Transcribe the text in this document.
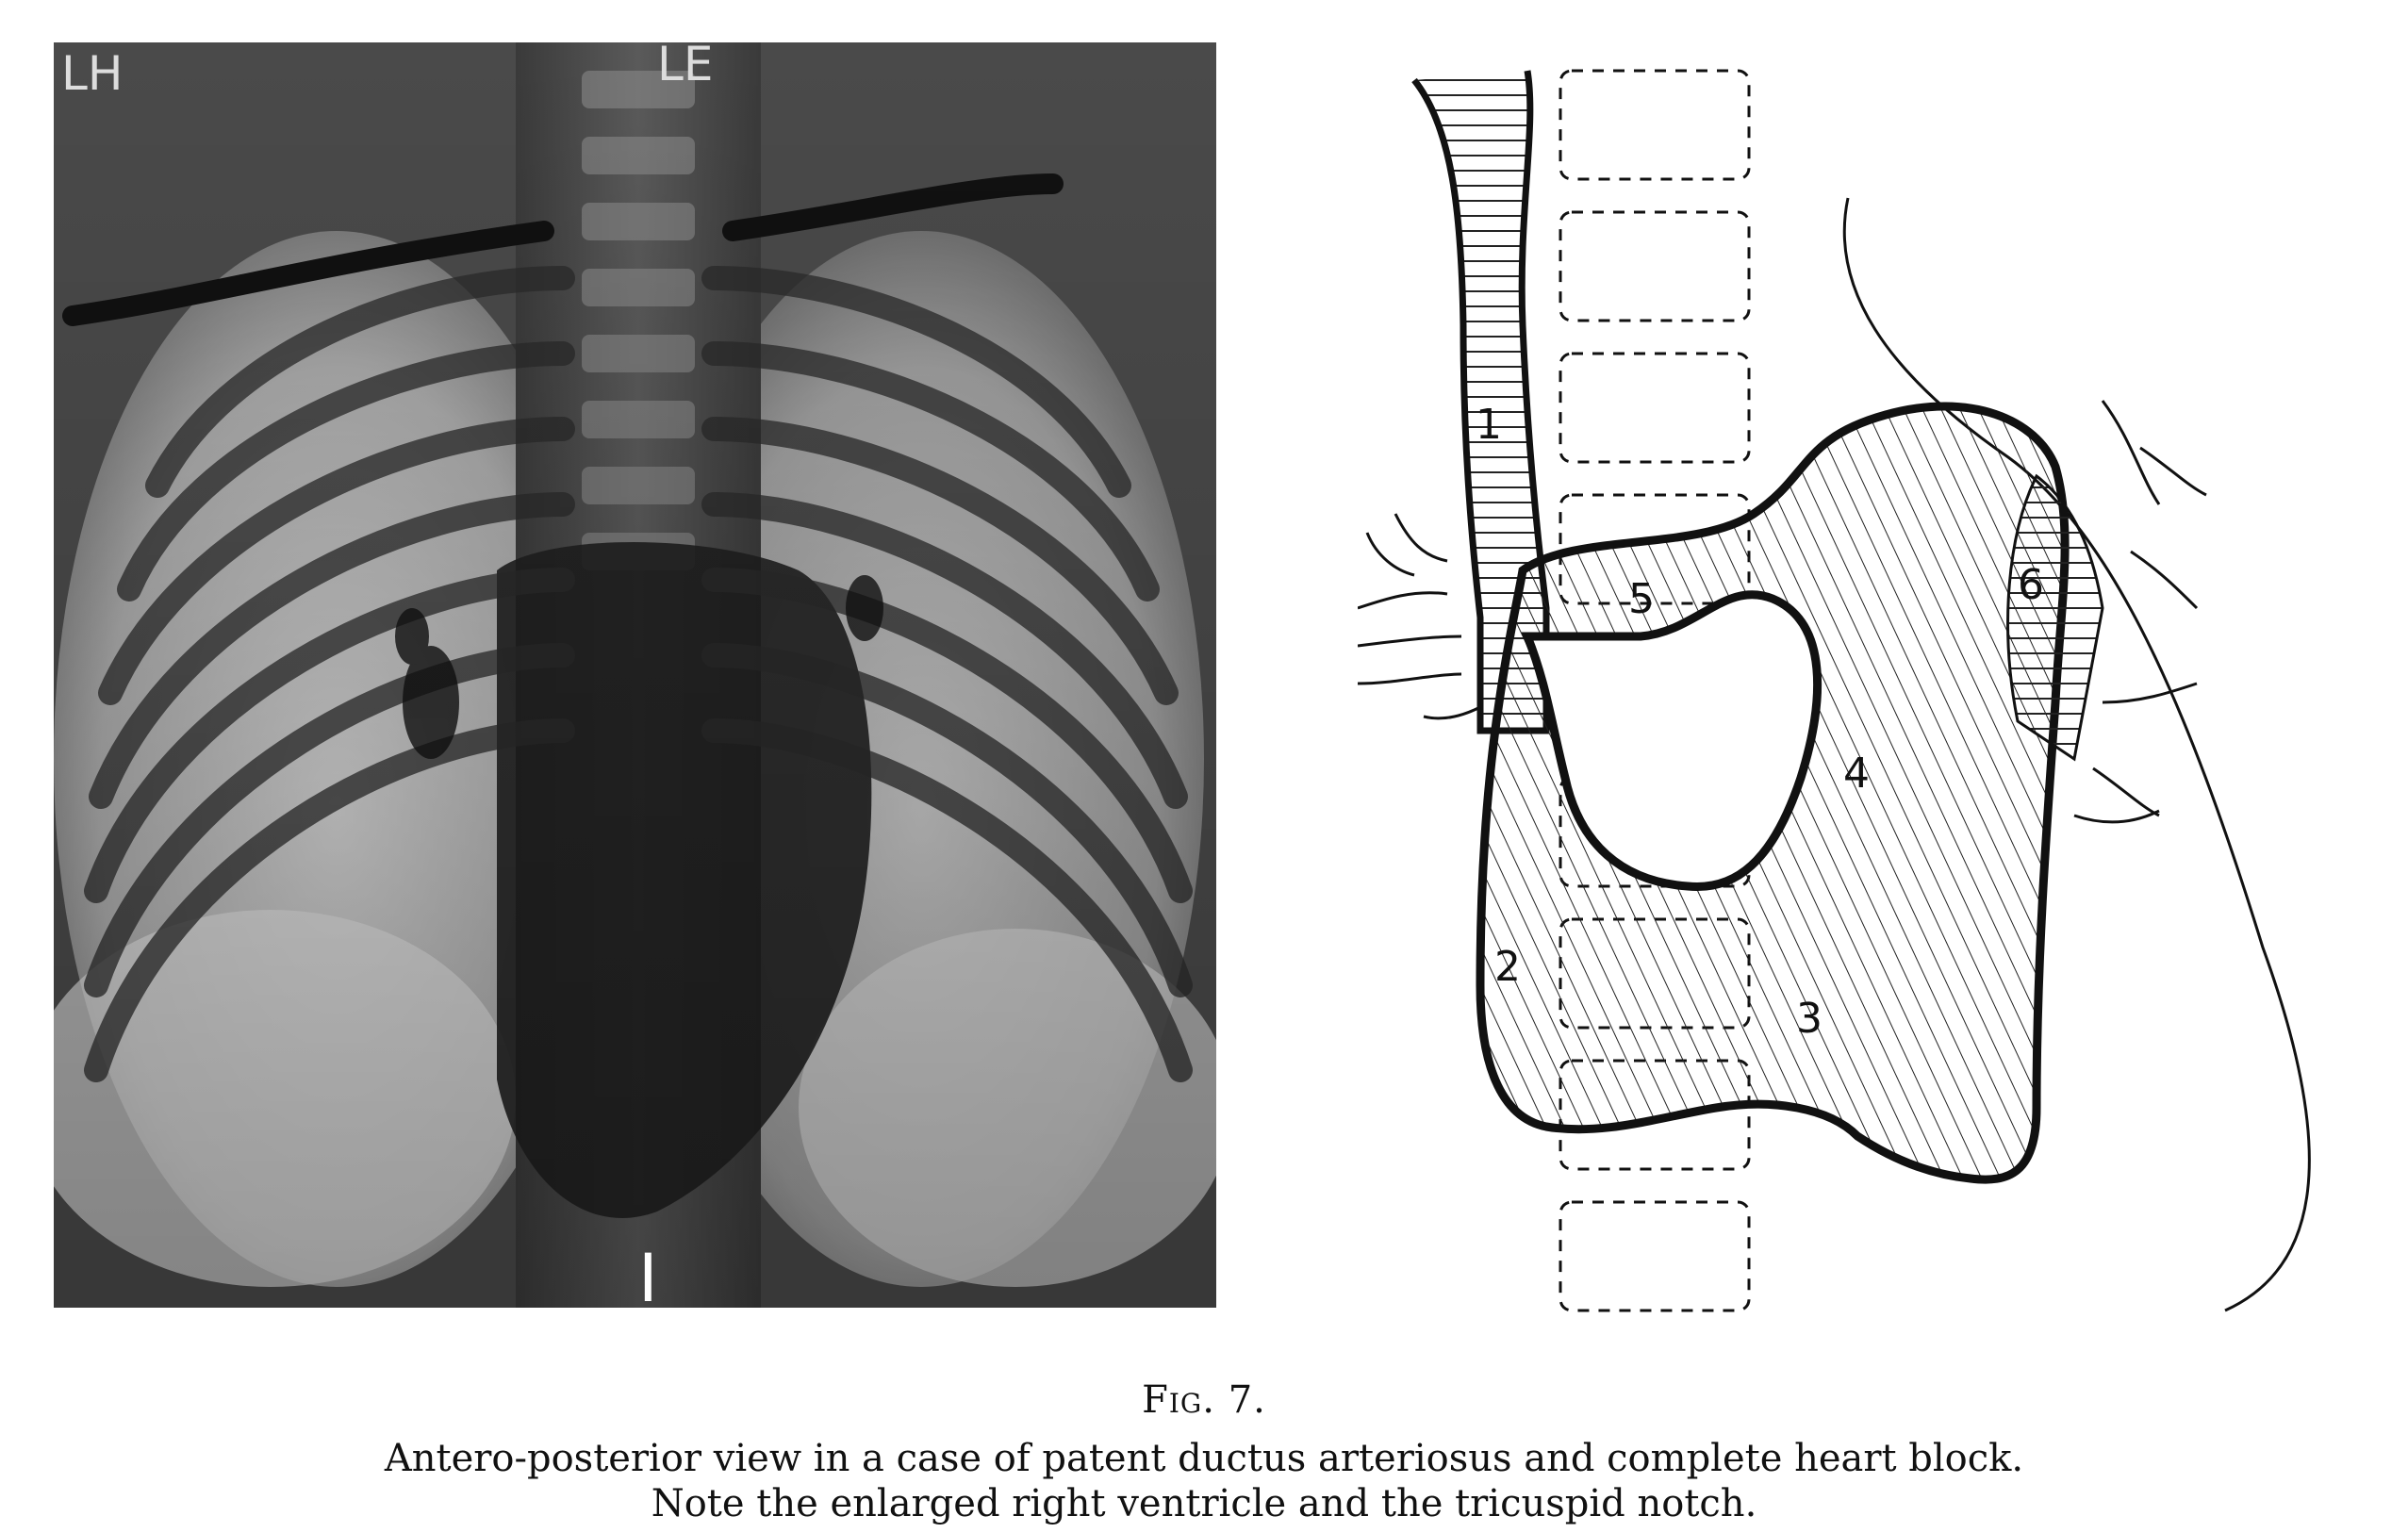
LH	LE
I
1
2
3
4
5	6
Fig. 7.
Antero-posterior view in a case of patent ductus arteriosus and complete heart block.
Note the enlarged right ventricle and the tricuspid notch.
